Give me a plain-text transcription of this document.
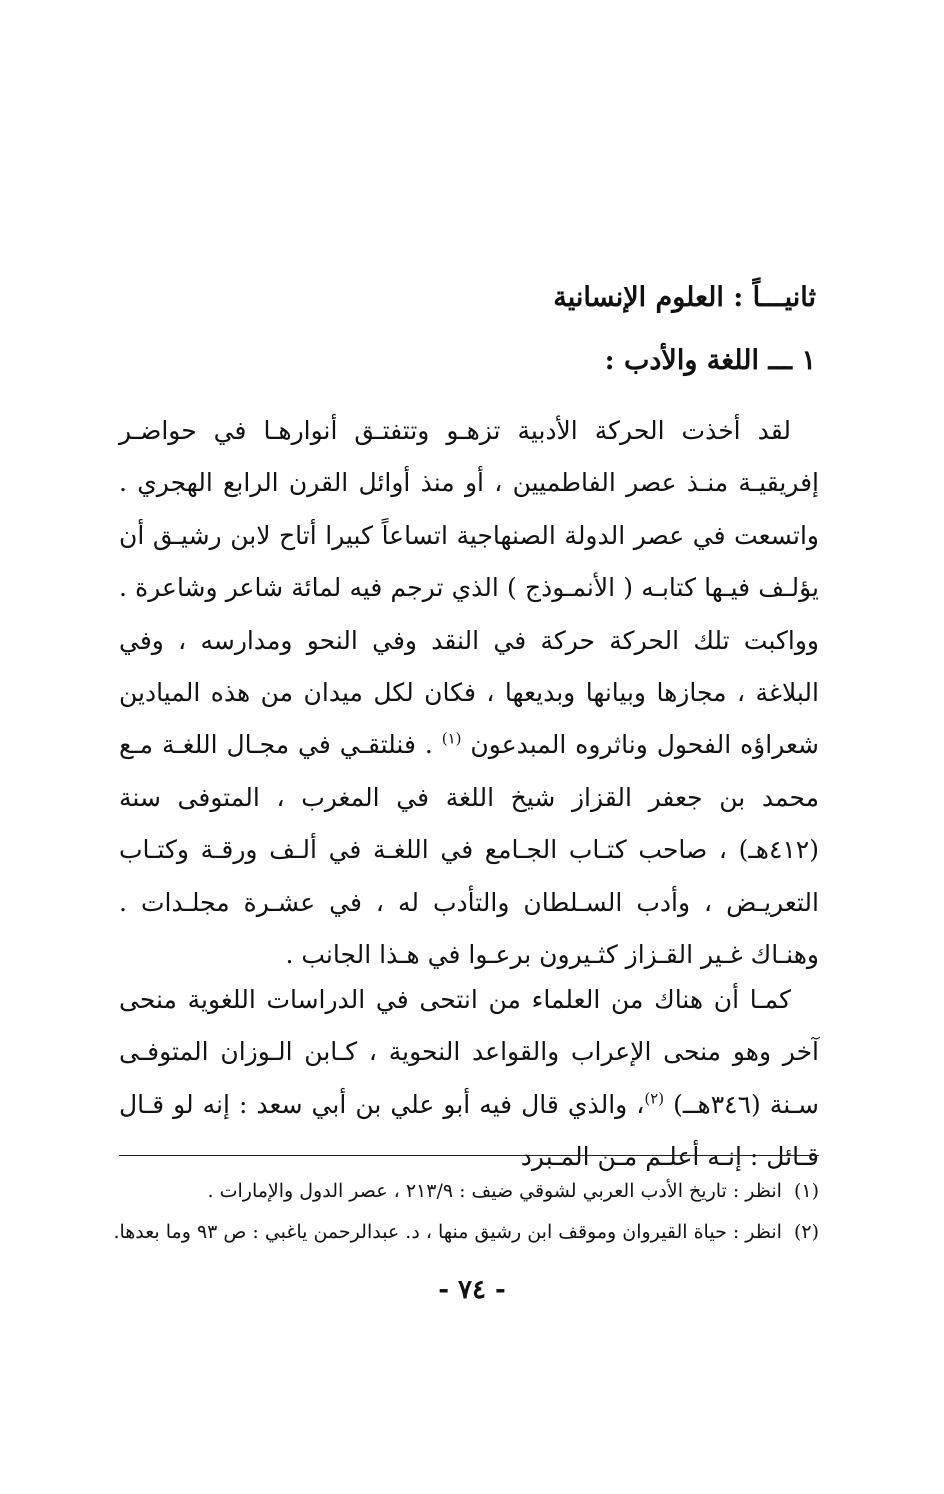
ثانيـــاً : العلوم الإنسانية
١ ـــ اللغة والأدب :

لقد أخذت الحركة الأدبية تزهـو وتتفتـق أنوارهـا في حواضـر إفريقيـة منـذ عصر الفاطميين ، أو منذ أوائل القرن الرابع الهجري . واتسعت في عصر الدولة الصنهاجية اتساعاً كبيرا أتاح لابن رشيـق أن يؤلـف فيـها كتابـه ( الأنمـوذج ) الذي ترجم فيه لمائة شاعر وشاعرة . وواكبت تلك الحركة حركة في النقد وفي النحو ومدارسه ، وفي البلاغة ، مجازها وبيانها وبديعها ، فكان لكل ميدان من هذه الميادين شعراؤه الفحول وناثروه المبدعون $^{(١)}$ . فنلتقـي في مجـال اللغـة مـع محمد بن جعفر القزاز شيخ اللغة في المغرب ، المتوفى سنة (٤١٢هـ) ، صاحب كتـاب الجـامع في اللغـة في ألـف ورقـة وكتـاب التعريـض ، وأدب السـلطان والتأدب له ، في عشـرة مجلـدات . وهنـاك غـير القـزاز كثـيرون برعـوا في هـذا الجانب .

كمـا أن هناك من العلماء من انتحى في الدراسات اللغوية منحى آخر وهو منحى الإعراب والقواعد النحوية ، كـابن الـوزان المتوفـى سـنة (٣٤٦هــ) $^{(٢)}$، والذي قال فيه أبو علي بن أبي سعد : إنه لو قـال قـائل : إنـه أعلـم مـن المـبرد

(١)انظر : تاريخ الأدب العربي لشوقي ضيف : ٢١٣/٩ ، عصر الدول والإمارات .
(٢)انظر : حياة القيروان وموقف ابن رشيق منها ، د. عبدالرحمن ياغبي : ص ٩٣ وما بعدها.
- ٧٤ -
